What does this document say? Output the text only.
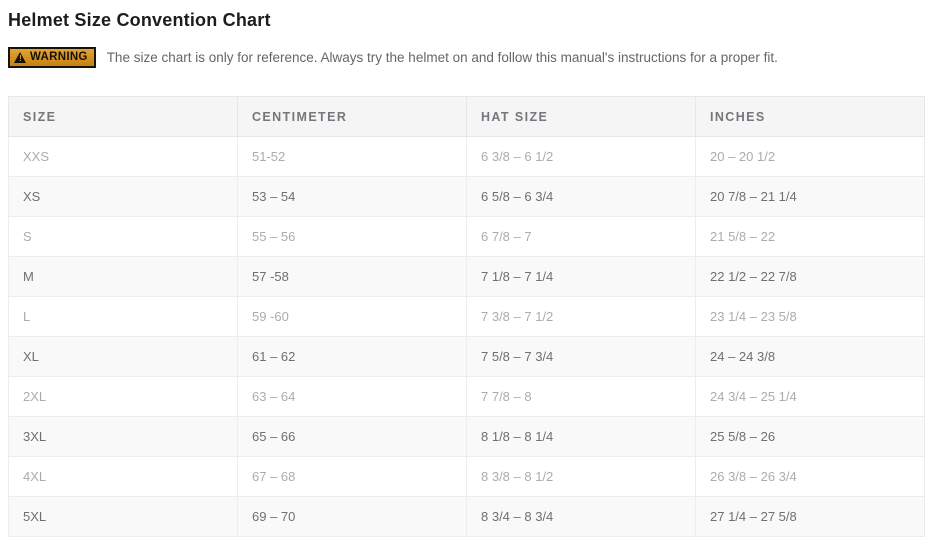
Helmet Size Convention Chart
! WARNING The size chart is only for reference. Always try the helmet on and follow this manual's instructions for a proper fit.
SIZE	CENTIMETER	HAT SIZE	INCHES
XXS	51-52	6 3/8 – 6 1/2	20 – 20 1/2
XS	53 – 54	6 5/8 – 6 3/4	20 7/8 – 21 1/4
S	55 – 56	6 7/8 – 7	21 5/8 – 22
M	57 -58	7 1/8 – 7 1/4	22 1/2 – 22 7/8
L	59 -60	7 3/8 – 7 1/2	23 1/4 – 23 5/8
XL	61 – 62	7 5/8 – 7 3/4	24 – 24 3/8
2XL	63 – 64	7 7/8 – 8	24 3/4 – 25 1/4
3XL	65 – 66	8 1/8 – 8 1/4	25 5/8 – 26
4XL	67 – 68	8 3/8 – 8 1/2	26 3/8 – 26 3/4
5XL	69 – 70	8 3/4 – 8 3/4	27 1/4 – 27 5/8
